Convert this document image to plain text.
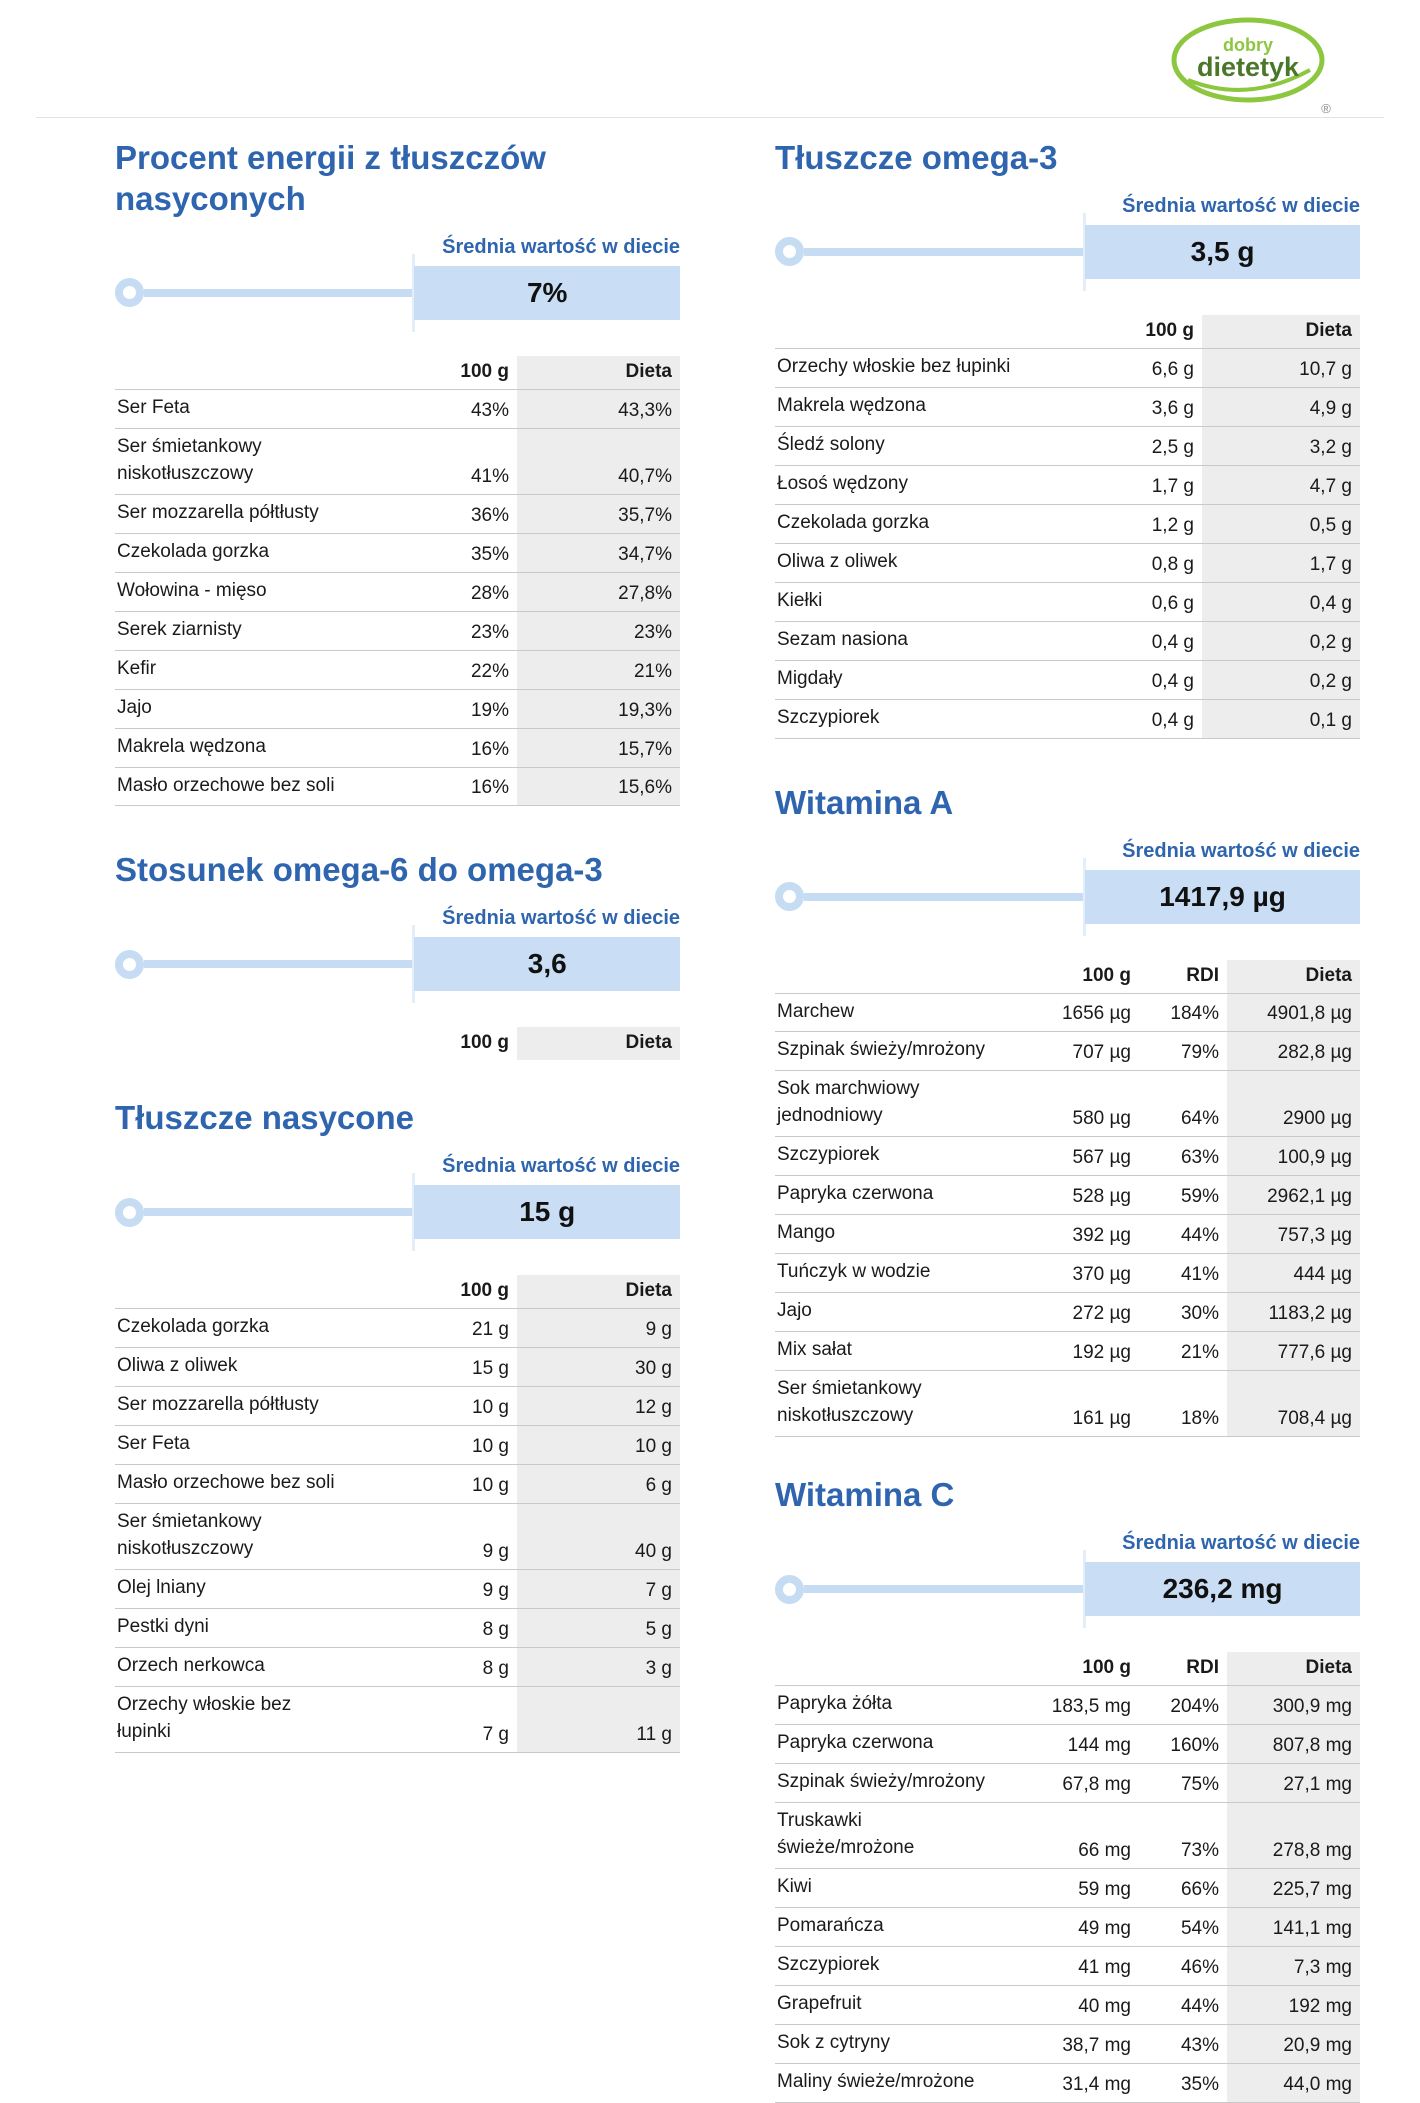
dobry
dietetyk
®
Procent energii z tłuszczów nasyconych
Średnia wartość w diecie
7%
	100 g	Dieta
Ser Feta	43%	43,3%
Ser śmietankowy niskotłuszczowy	41%	40,7%
Ser mozzarella półtłusty	36%	35,7%
Czekolada gorzka	35%	34,7%
Wołowina - mięso	28%	27,8%
Serek ziarnisty	23%	23%
Kefir	22%	21%
Jajo	19%	19,3%
Makrela wędzona	16%	15,7%
Masło orzechowe bez soli	16%	15,6%
Stosunek omega-6 do omega-3
Średnia wartość w diecie
3,6
	100 g	Dieta
Tłuszcze nasycone
Średnia wartość w diecie
15 g
	100 g	Dieta
Czekolada gorzka	21 g	9 g
Oliwa z oliwek	15 g	30 g
Ser mozzarella półtłusty	10 g	12 g
Ser Feta	10 g	10 g
Masło orzechowe bez soli	10 g	6 g
Ser śmietankowy niskotłuszczowy	9 g	40 g
Olej lniany	9 g	7 g
Pestki dyni	8 g	5 g
Orzech nerkowca	8 g	3 g
Orzechy włoskie bez łupinki	7 g	11 g
Tłuszcze omega-3
Średnia wartość w diecie
3,5 g
	100 g	Dieta
Orzechy włoskie bez łupinki	6,6 g	10,7 g
Makrela wędzona	3,6 g	4,9 g
Śledź solony	2,5 g	3,2 g
Łosoś wędzony	1,7 g	4,7 g
Czekolada gorzka	1,2 g	0,5 g
Oliwa z oliwek	0,8 g	1,7 g
Kiełki	0,6 g	0,4 g
Sezam nasiona	0,4 g	0,2 g
Migdały	0,4 g	0,2 g
Szczypiorek	0,4 g	0,1 g
Witamina A
Średnia wartość w diecie
1417,9 µg
	100 g	RDI	Dieta
Marchew	1656 µg	184%	4901,8 µg
Szpinak świeży/mrożony	707 µg	79%	282,8 µg
Sok marchwiowy jednodniowy	580 µg	64%	2900 µg
Szczypiorek	567 µg	63%	100,9 µg
Papryka czerwona	528 µg	59%	2962,1 µg
Mango	392 µg	44%	757,3 µg
Tuńczyk w wodzie	370 µg	41%	444 µg
Jajo	272 µg	30%	1183,2 µg
Mix sałat	192 µg	21%	777,6 µg
Ser śmietankowy niskotłuszczowy	161 µg	18%	708,4 µg
Witamina C
Średnia wartość w diecie
236,2 mg
	100 g	RDI	Dieta
Papryka żółta	183,5 mg	204%	300,9 mg
Papryka czerwona	144 mg	160%	807,8 mg
Szpinak świeży/mrożony	67,8 mg	75%	27,1 mg
Truskawki świeże/mrożone	66 mg	73%	278,8 mg
Kiwi	59 mg	66%	225,7 mg
Pomarańcza	49 mg	54%	141,1 mg
Szczypiorek	41 mg	46%	7,3 mg
Grapefruit	40 mg	44%	192 mg
Sok z cytryny	38,7 mg	43%	20,9 mg
Maliny świeże/mrożone	31,4 mg	35%	44,0 mg
